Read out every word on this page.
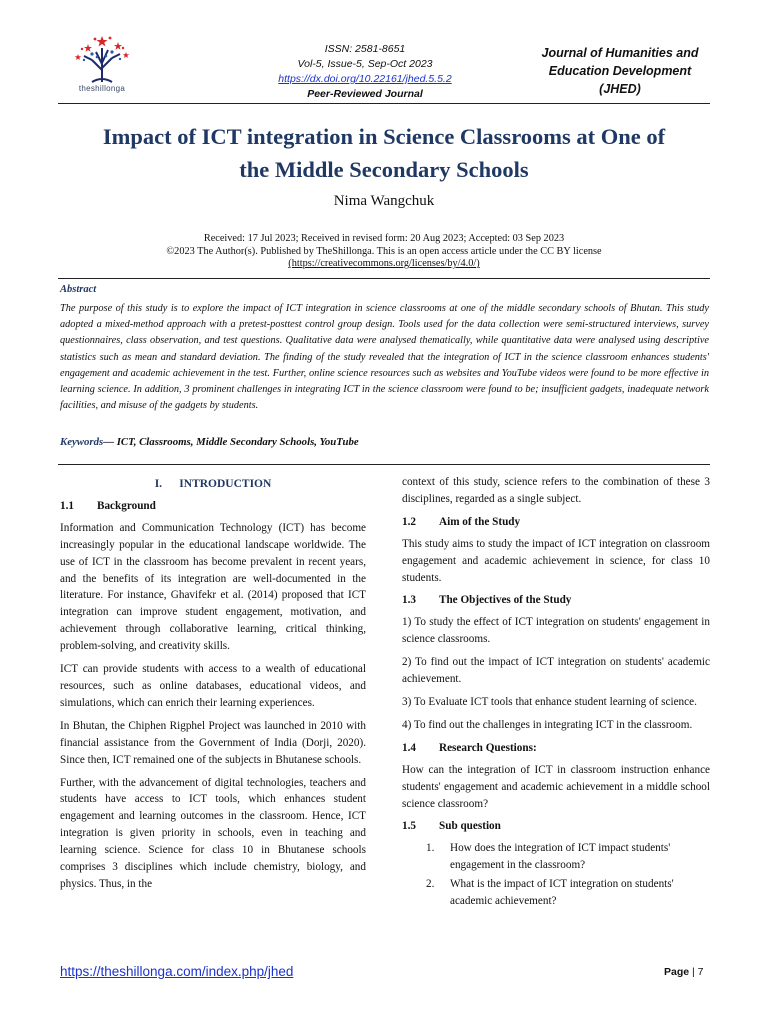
theshillonga
ISSN: 2581-8651
Vol-5, Issue-5, Sep-Oct 2023
https://dx.doi.org/10.22161/jhed.5.5.2
Peer-Reviewed Journal
Journal of Humanities and
Education Development
(JHED)
Impact of ICT integration in Science Classrooms at One of
the Middle Secondary Schools
Nima Wangchuk
Received: 17 Jul 2023; Received in revised form: 20 Aug 2023; Accepted: 03 Sep 2023
©2023 The Author(s). Published by TheShillonga. This is an open access article under the CC BY license
(https://creativecommons.org/licenses/by/4.0/)
Abstract
The purpose of this study is to explore the impact of ICT integration in science classrooms at one of the middle secondary schools of Bhutan. This study adopted a mixed-method approach with a pretest-posttest control group design. Tools used for the data collection were semi-structured interviews, survey questionnaires, class observation, and test questions. Qualitative data were analysed thematically, while quantitative data were analysed using descriptive statistics such as mean and standard deviation. The finding of the study revealed that the integration of ICT in the science classroom enhances students' engagement and academic achievement in the test. Further, online science resources such as websites and YouTube videos were found to be more effective in learning science. In addition, 3 prominent challenges in integrating ICT in the science classroom were found to be; insufficient gadgets, inadequate network facilities, and misuse of the gadgets by students.
Keywords— ICT, Classrooms, Middle Secondary Schools, YouTube
I.      INTRODUCTION
1.1 Background

Information and Communication Technology (ICT) has become increasingly popular in the educational landscape worldwide. The use of ICT in the classroom has become prevalent in recent years, and the benefits of its integration are well-documented in the literature. For instance, Ghavifekr et al. (2014) proposed that ICT integration can improve student engagement, motivation, and achievement through collaborative learning, critical thinking, problem-solving, and creativity skills.

ICT can provide students with access to a wealth of educational resources, such as online databases, educational videos, and simulations, which can enrich their learning experiences.

In Bhutan, the Chiphen Rigphel Project was launched in 2010 with financial assistance from the Government of India (Dorji, 2020). Since then, ICT remained one of the subjects in Bhutanese schools.

Further, with the advancement of digital technologies, teachers and students have access to ICT tools, which enhances student engagement and learning outcomes in the classroom. Hence, ICT integration is given priority in schools, even in teaching and learning science. Science for class 10 in Bhutanese schools comprises 3 disciplines which include chemistry, biology, and physics. Thus, in the

context of this study, science refers to the combination of these 3 disciplines, regarded as a single subject.

1.2 Aim of the Study

This study aims to study the impact of ICT integration on classroom engagement and academic achievement in science, for class 10 students.

1.3 The Objectives of the Study

1) To study the effect of ICT integration on students' engagement in science classrooms.

2) To find out the impact of ICT integration on students' academic achievement.

3) To Evaluate ICT tools that enhance student learning of science.

4) To find out the challenges in integrating ICT in the classroom.

1.4 Research Questions:

How can the integration of ICT in classroom instruction enhance students' engagement and academic achievement in a middle school science classroom?

1.5 Sub question
1. How does the integration of ICT impact students' engagement in the classroom?
2. What is the impact of ICT integration on students' academic achievement?
https://theshillonga.com/index.php/jhed	Page | 7
